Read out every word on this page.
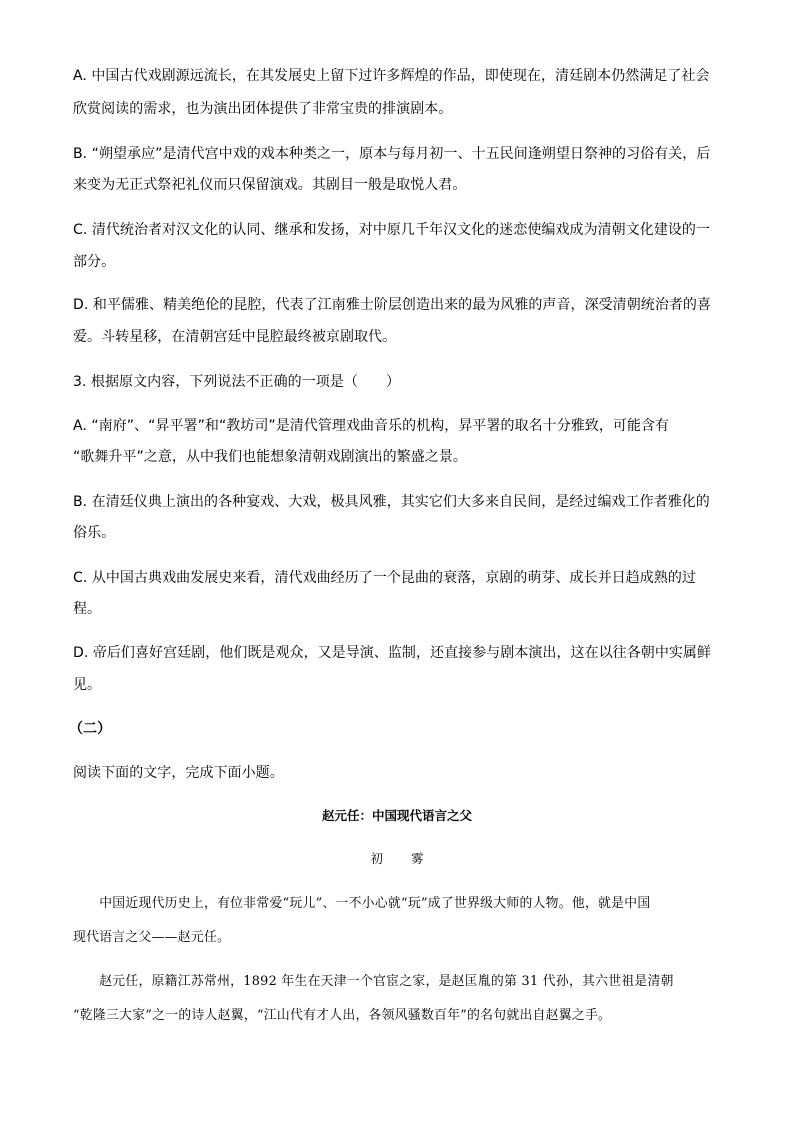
A. 中国古代戏剧源远流长，在其发展史上留下过许多辉煌的作品，即使现在，清廷剧本仍然满足了社会
欣赏阅读的需求，也为演出团体提供了非常宝贵的排演剧本。
B. “朔望承应”是清代宫中戏的戏本种类之一，原本与每月初一、十五民间逢朔望日祭神的习俗有关，后
来变为无正式祭祀礼仪而只保留演戏。其剧目一般是取悦人君。
C. 清代统治者对汉文化的认同、继承和发扬，对中原几千年汉文化的迷恋使编戏成为清朝文化建设的一
部分。
D. 和平儒雅、精美绝伦的昆腔，代表了江南雅士阶层创造出来的最为风雅的声音，深受清朝统治者的喜
爱。斗转星移，在清朝宫廷中昆腔最终被京剧取代。
3. 根据原文内容，下列说法不正确的一项是（　　）
A. “南府”、“昇平署”和“教坊司”是清代管理戏曲音乐的机构，昇平署的取名十分雅致，可能含有
“歌舞升平”之意，从中我们也能想象清朝戏剧演出的繁盛之景。
B. 在清廷仪典上演出的各种宴戏、大戏，极具风雅，其实它们大多来自民间，是经过编戏工作者雅化的
俗乐。
C. 从中国古典戏曲发展史来看，清代戏曲经历了一个昆曲的衰落，京剧的萌芽、成长并日趋成熟的过
程。
D. 帝后们喜好宫廷剧，他们既是观众，又是导演、监制，还直接参与剧本演出，这在以往各朝中实属鲜
见。
（二）
阅读下面的文字，完成下面小题。
赵元任：中国现代语言之父
初 雾
　　中国近现代历史上，有位非常爱“玩儿”、一不小心就“玩”成了世界级大师的人物。他，就是中国
现代语言之父——赵元任。
　　赵元任，原籍江苏常州，1892 年生在天津一个官宦之家，是赵匡胤的第 31 代孙，其六世祖是清朝
“乾隆三大家”之一的诗人赵翼，“江山代有才人出，各领风骚数百年”的名句就出自赵翼之手。
